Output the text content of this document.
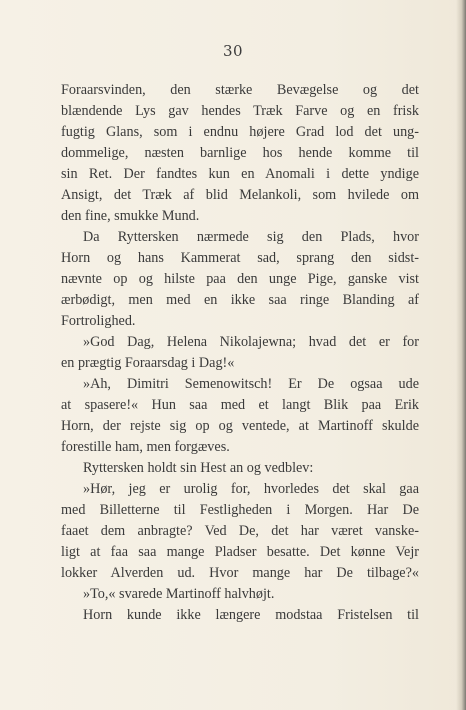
30
Foraarsvinden, den stærke Bevægelse og det
blændende Lys gav hendes Træk Farve og en frisk
fugtig Glans, som i endnu højere Grad lod det ung-
dommelige, næsten barnlige hos hende komme til
sin Ret. Der fandtes kun en Anomali i dette yndige
Ansigt, det Træk af blid Melankoli, som hvilede om
den fine, smukke Mund.
Da Ryttersken nærmede sig den Plads, hvor
Horn og hans Kammerat sad, sprang den sidst-
nævnte op og hilste paa den unge Pige, ganske vist
ærbødigt, men med en ikke saa ringe Blanding af
Fortrolighed.
»God Dag, Helena Nikolajewna; hvad det er for
en prægtig Foraarsdag i Dag!«
»Ah, Dimitri Semenowitsch! Er De ogsaa ude
at spasere!« Hun saa med et langt Blik paa Erik
Horn, der rejste sig op og ventede, at Martinoff skulde
forestille ham, men forgæves.
Ryttersken holdt sin Hest an og vedblev:
»Hør, jeg er urolig for, hvorledes det skal gaa
med Billetterne til Festligheden i Morgen. Har De
faaet dem anbragte? Ved De, det har været vanske-
ligt at faa saa mange Pladser besatte. Det kønne Vejr
lokker Alverden ud. Hvor mange har De tilbage?«
»To,« svarede Martinoff halvhøjt.
Horn kunde ikke længere modstaa Fristelsen til
